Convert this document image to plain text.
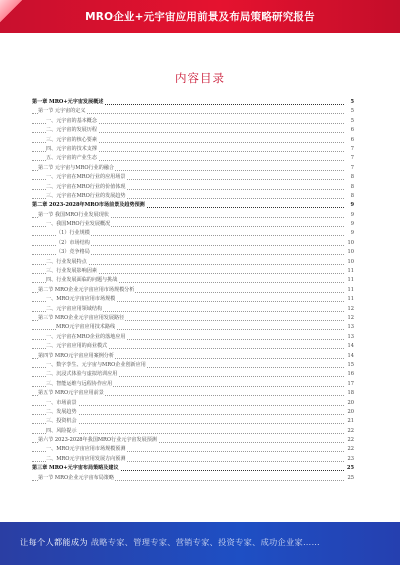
MRO企业+元宇宙应用前景及布局策略研究报告
内容目录
第一章 MRO+元宇宙发展概述	5
第一节 元宇宙的定义	5
一、元宇宙的基本概念	5
二、元宇宙的发展历程	6
三、元宇宙的核心要素	6
四、元宇宙的技术支撑	7
五、元宇宙的产业生态	7
第二节 元宇宙与MRO行业的融合	7
一、元宇宙在MRO行业的应用场景	8
二、元宇宙在MRO行业的价值体现	8
三、元宇宙在MRO行业的发展趋势	8
第二章 2023-2028年MRO市场前景及趋势预测	9
第一节 我国MRO行业发展现状	9
一、我国MRO行业发展概况	9
（1）行业规模	9
（2）市场结构	10
（3）竞争格局	10
二、行业发展特点	10
三、行业发展影响因素	11
四、行业发展面临的问题与挑战	11
第二节 MRO企业元宇宙应用市场规模分析	11
一、MRO元宇宙应用市场规模	11
二、元宇宙应用领域结构	12
第三节 MRO企业元宇宙应用发展路径	12
MRO元宇宙应用技术路线	13
一、元宇宙在MRO企业的落地应用	13
二、元宇宙应用的商业模式	14
第四节 MRO元宇宙应用案例分析	14
一、数字孪生、元宇宙与MRO企业创新应用	15
二、沉浸式体验与虚拟培训应用	16
三、智能运维与远程协作应用	17
第五节 MRO元宇宙应用前景	18
一、市场前景	20
二、发展趋势	20
三、投资机会	21
四、风险提示	22
第六节 2023-2028年我国MRO行业元宇宙发展预测	22
一、MRO元宇宙应用市场规模预测	22
二、MRO元宇宙应用发展方向预测	23
第三章 MRO+元宇宙布局策略及建议	25
第一节 MRO企业元宇宙布局策略	25
让每个人都能成为 战略专家、管理专家、营销专家、投资专家、成功企业家……
